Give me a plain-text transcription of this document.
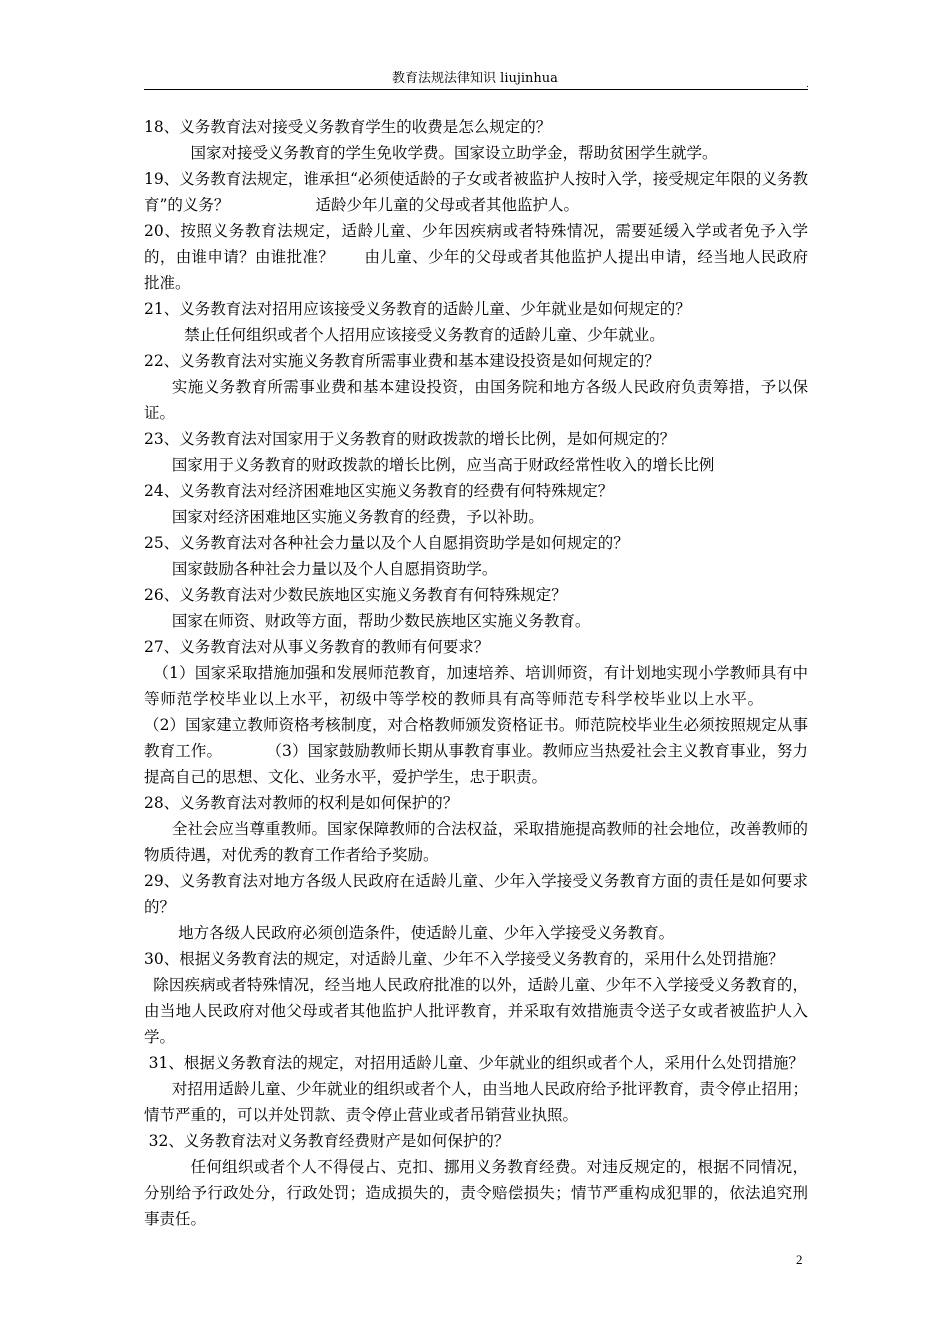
教育法规法律知识 liujinhua	.

18、义务教育法对接受义务教育学生的收费是怎么规定的？

国家对接受义务教育的学生免收学费。国家设立助学金，帮助贫困学生就学。

19、义务教育法规定，谁承担“必须使适龄的子女或者被监护人按时入学，接受规定年限的义务教育”的义务？	适龄少年儿童的父母或者其他监护人。

20、按照义务教育法规定，适龄儿童、少年因疾病或者特殊情况，需要延缓入学或者免予入学的，由谁申请？由谁批准？ 由儿童、少年的父母或者其他监护人提出申请，经当地人民政府批准。

21、义务教育法对招用应该接受义务教育的适龄儿童、少年就业是如何规定的？

禁止任何组织或者个人招用应该接受义务教育的适龄儿童、少年就业。

22、义务教育法对实施义务教育所需事业费和基本建设投资是如何规定的？

实施义务教育所需事业费和基本建设投资，由国务院和地方各级人民政府负责筹措，予以保证。

23、义务教育法对国家用于义务教育的财政拨款的增长比例，是如何规定的？

国家用于义务教育的财政拨款的增长比例，应当高于财政经常性收入的增长比例

24、义务教育法对经济困难地区实施义务教育的经费有何特殊规定？

国家对经济困难地区实施义务教育的经费，予以补助。

25、义务教育法对各种社会力量以及个人自愿捐资助学是如何规定的？

国家鼓励各种社会力量以及个人自愿捐资助学。

26、义务教育法对少数民族地区实施义务教育有何特殊规定？

国家在师资、财政等方面，帮助少数民族地区实施义务教育。

27、义务教育法对从事义务教育的教师有何要求？

（1）国家采取措施加强和发展师范教育，加速培养、培训师资，有计划地实现小学教师具有中等师范学校毕业以上水平，初级中等学校的教师具有高等师范专科学校毕业以上水平。（2）国家建立教师资格考核制度，对合格教师颁发资格证书。师范院校毕业生必须按照规定从事教育工作。	（3）国家鼓励教师长期从事教育事业。教师应当热爱社会主义教育事业，努力提高自己的思想、文化、业务水平，爱护学生，忠于职责。

28、义务教育法对教师的权利是如何保护的？

全社会应当尊重教师。国家保障教师的合法权益，采取措施提高教师的社会地位，改善教师的物质待遇，对优秀的教育工作者给予奖励。

29、义务教育法对地方各级人民政府在适龄儿童、少年入学接受义务教育方面的责任是如何要求的？

地方各级人民政府必须创造条件，使适龄儿童、少年入学接受义务教育。

30、根据义务教育法的规定，对适龄儿童、少年不入学接受义务教育的，采用什么处罚措施？

除因疾病或者特殊情况，经当地人民政府批准的以外，适龄儿童、少年不入学接受义务教育的，由当地人民政府对他父母或者其他监护人批评教育，并采取有效措施责令送子女或者被监护人入学。

31、根据义务教育法的规定，对招用适龄儿童、少年就业的组织或者个人，采用什么处罚措施？

对招用适龄儿童、少年就业的组织或者个人，由当地人民政府给予批评教育，责令停止招用；情节严重的，可以并处罚款、责令停止营业或者吊销营业执照。

32、义务教育法对义务教育经费财产是如何保护的？

任何组织或者个人不得侵占、克扣、挪用义务教育经费。对违反规定的，根据不同情况，分别给予行政处分，行政处罚；造成损失的，责令赔偿损失；情节严重构成犯罪的，依法追究刑事责任。

2
